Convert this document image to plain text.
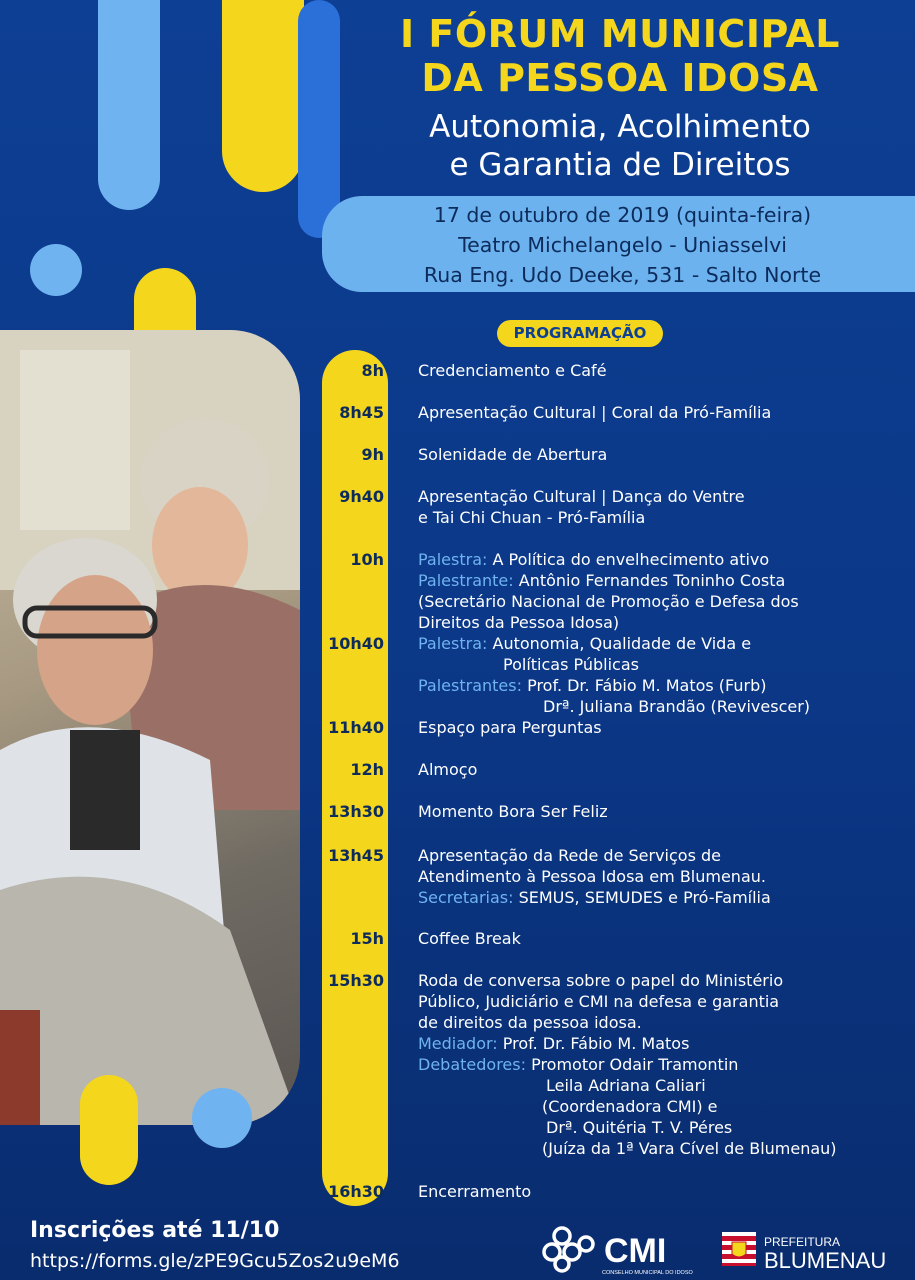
I FÓRUM MUNICIPAL
DA PESSOA IDOSA
Autonomia, Acolhimento
e Garantia de Direitos
17 de outubro de 2019 (quinta-feira)
Teatro Michelangelo - Uniasselvi
Rua Eng. Udo Deeke, 531 - Salto Norte
PROGRAMAÇÃO
8h Credenciamento e Café
8h45 Apresentação Cultural | Coral da Pró-Família
9h Solenidade de Abertura
9h40 Apresentação Cultural | Dança do Ventre
e Tai Chi Chuan - Pró-Família
10h Palestra: A Política do envelhecimento ativo
Palestrante: Antônio Fernandes Toninho Costa
(Secretário Nacional de Promoção e Defesa dos
Direitos da Pessoa Idosa)
10h40 Palestra: Autonomia, Qualidade de Vida e
Políticas Públicas
Palestrantes: Prof. Dr. Fábio M. Matos (Furb)
Drª. Juliana Brandão (Revivescer)
11h40 Espaço para Perguntas
12h Almoço
13h30 Momento Bora Ser Feliz
13h45 Apresentação da Rede de Serviços de
Atendimento à Pessoa Idosa em Blumenau.
Secretarias: SEMUS, SEMUDES e Pró-Família
15h Coffee Break
15h30 Roda de conversa sobre o papel do Ministério
Público, Judiciário e CMI na defesa e garantia
de direitos da pessoa idosa.
Mediador: Prof. Dr. Fábio M. Matos
Debatedores: Promotor Odair Tramontin
Leila Adriana Caliari
(Coordenadora CMI) e
Drª. Quitéria T. V. Péres
(Juíza da 1ª Vara Cível de Blumenau)
16h30 Encerramento
Inscrições até 11/10
https://forms.gle/zPE9Gcu5Zos2u9eM6	CMI
CONSELHO MUNICIPAL DO IDOSO
PREFEITURA
BLUMENAU
